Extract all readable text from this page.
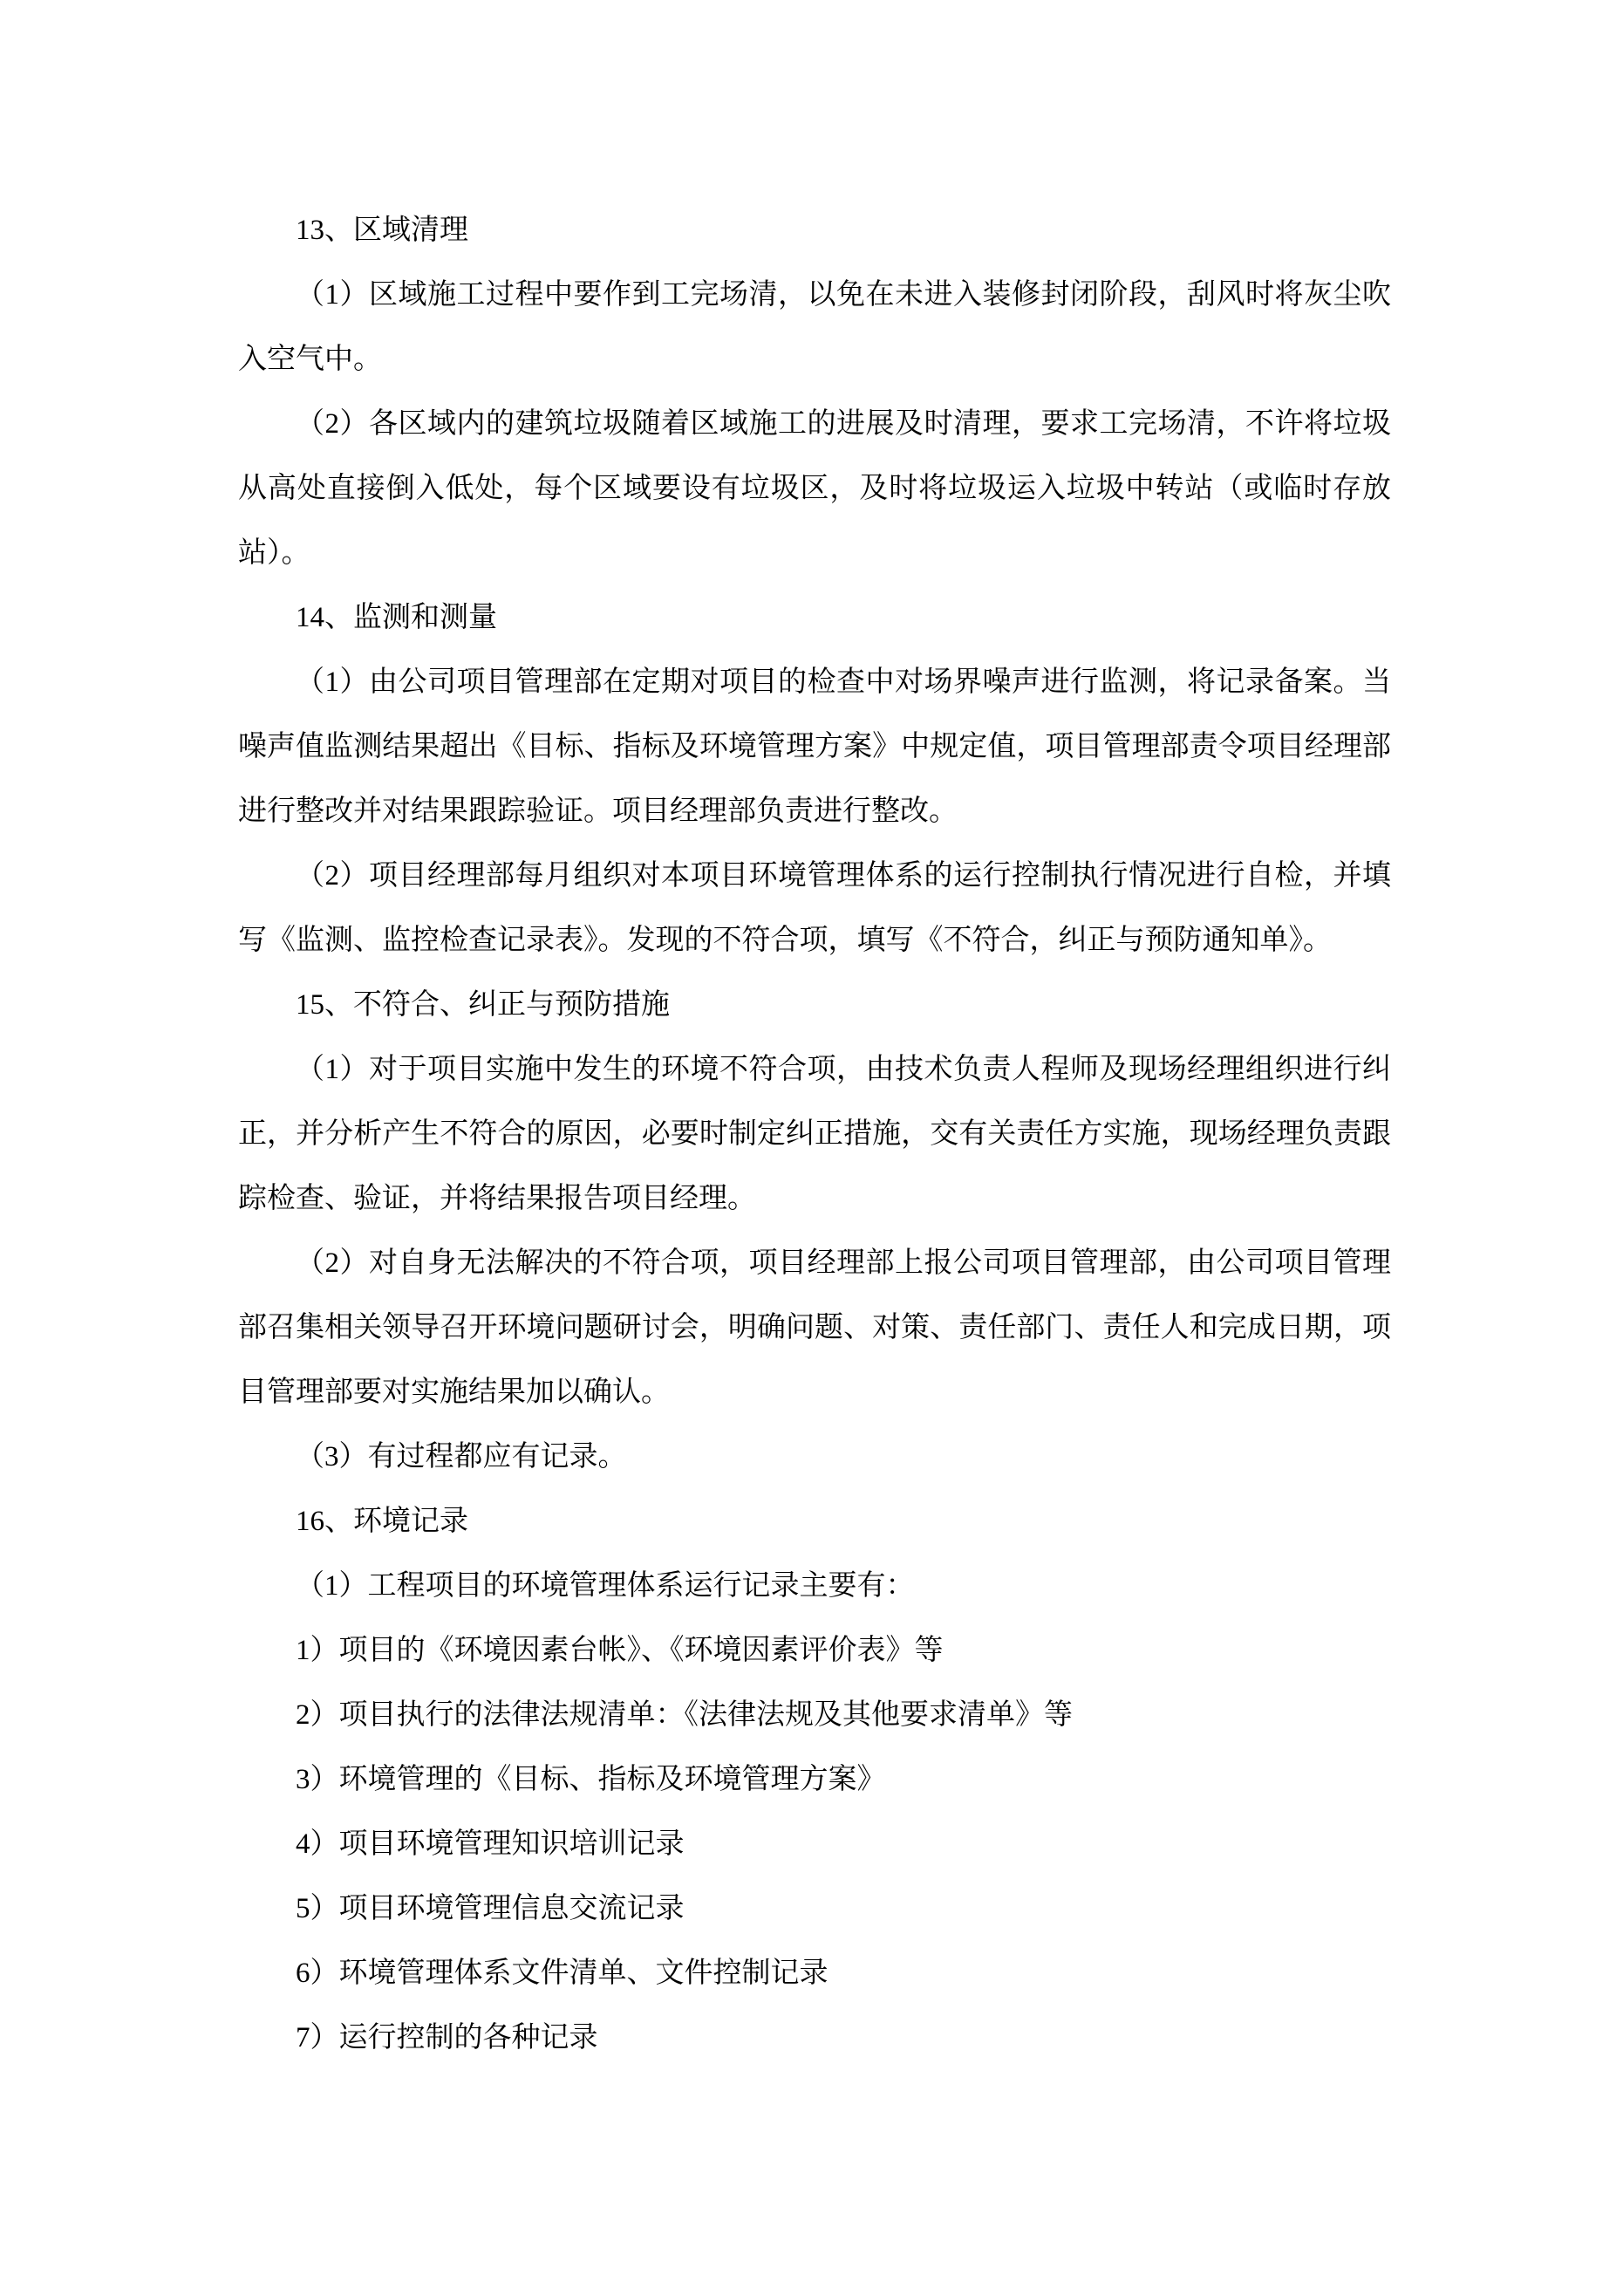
13、区域清理

（1）区域施工过程中要作到工完场清，以免在未进入装修封闭阶段，刮风时将灰尘吹入空气中。

（2）各区域内的建筑垃圾随着区域施工的进展及时清理，要求工完场清，不许将垃圾从高处直接倒入低处，每个区域要设有垃圾区，及时将垃圾运入垃圾中转站（或临时存放站）。

14、监测和测量

（1）由公司项目管理部在定期对项目的检查中对场界噪声进行监测，将记录备案。当噪声值监测结果超出《目标、指标及环境管理方案》中规定值，项目管理部责令项目经理部进行整改并对结果跟踪验证。项目经理部负责进行整改。

（2）项目经理部每月组织对本项目环境管理体系的运行控制执行情况进行自检，并填写《监测、监控检查记录表》。发现的不符合项，填写《不符合，纠正与预防通知单》。

15、不符合、纠正与预防措施

（1）对于项目实施中发生的环境不符合项，由技术负责人程师及现场经理组织进行纠正，并分析产生不符合的原因，必要时制定纠正措施，交有关责任方实施，现场经理负责跟踪检查、验证，并将结果报告项目经理。

（2）对自身无法解决的不符合项，项目经理部上报公司项目管理部，由公司项目管理部召集相关领导召开环境问题研讨会，明确问题、对策、责任部门、责任人和完成日期，项目管理部要对实施结果加以确认。

（3）有过程都应有记录。

16、环境记录

（1）工程项目的环境管理体系运行记录主要有：

1）项目的《环境因素台帐》、《环境因素评价表》等

2）项目执行的法律法规清单：《法律法规及其他要求清单》等

3）环境管理的《目标、指标及环境管理方案》

4）项目环境管理知识培训记录

5）项目环境管理信息交流记录

6）环境管理体系文件清单、文件控制记录

7）运行控制的各种记录
